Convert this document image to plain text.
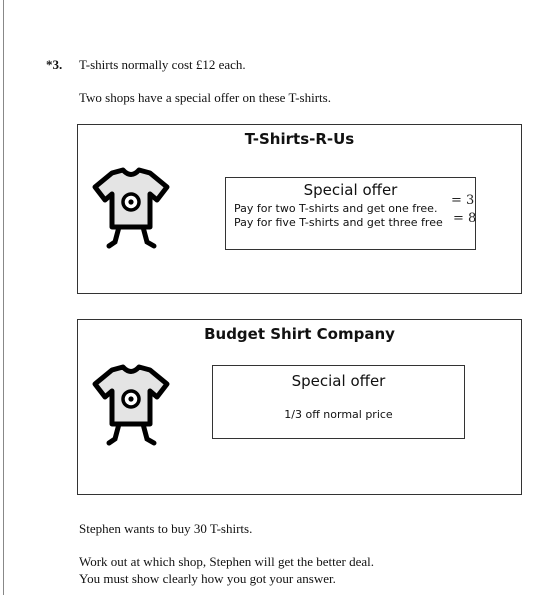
*3. T-shirts normally cost £12 each.
Two shops have a special offer on these T-shirts.
T-Shirts-R-Us
Special offer
Pay for two T-shirts and get one free.
Pay for five T-shirts and get three free
= 3
= 8
Budget Shirt Company
Special offer
1/3 off normal price
Stephen wants to buy 30 T-shirts.
Work out at which shop, Stephen will get the better deal.
You must show clearly how you got your answer.
